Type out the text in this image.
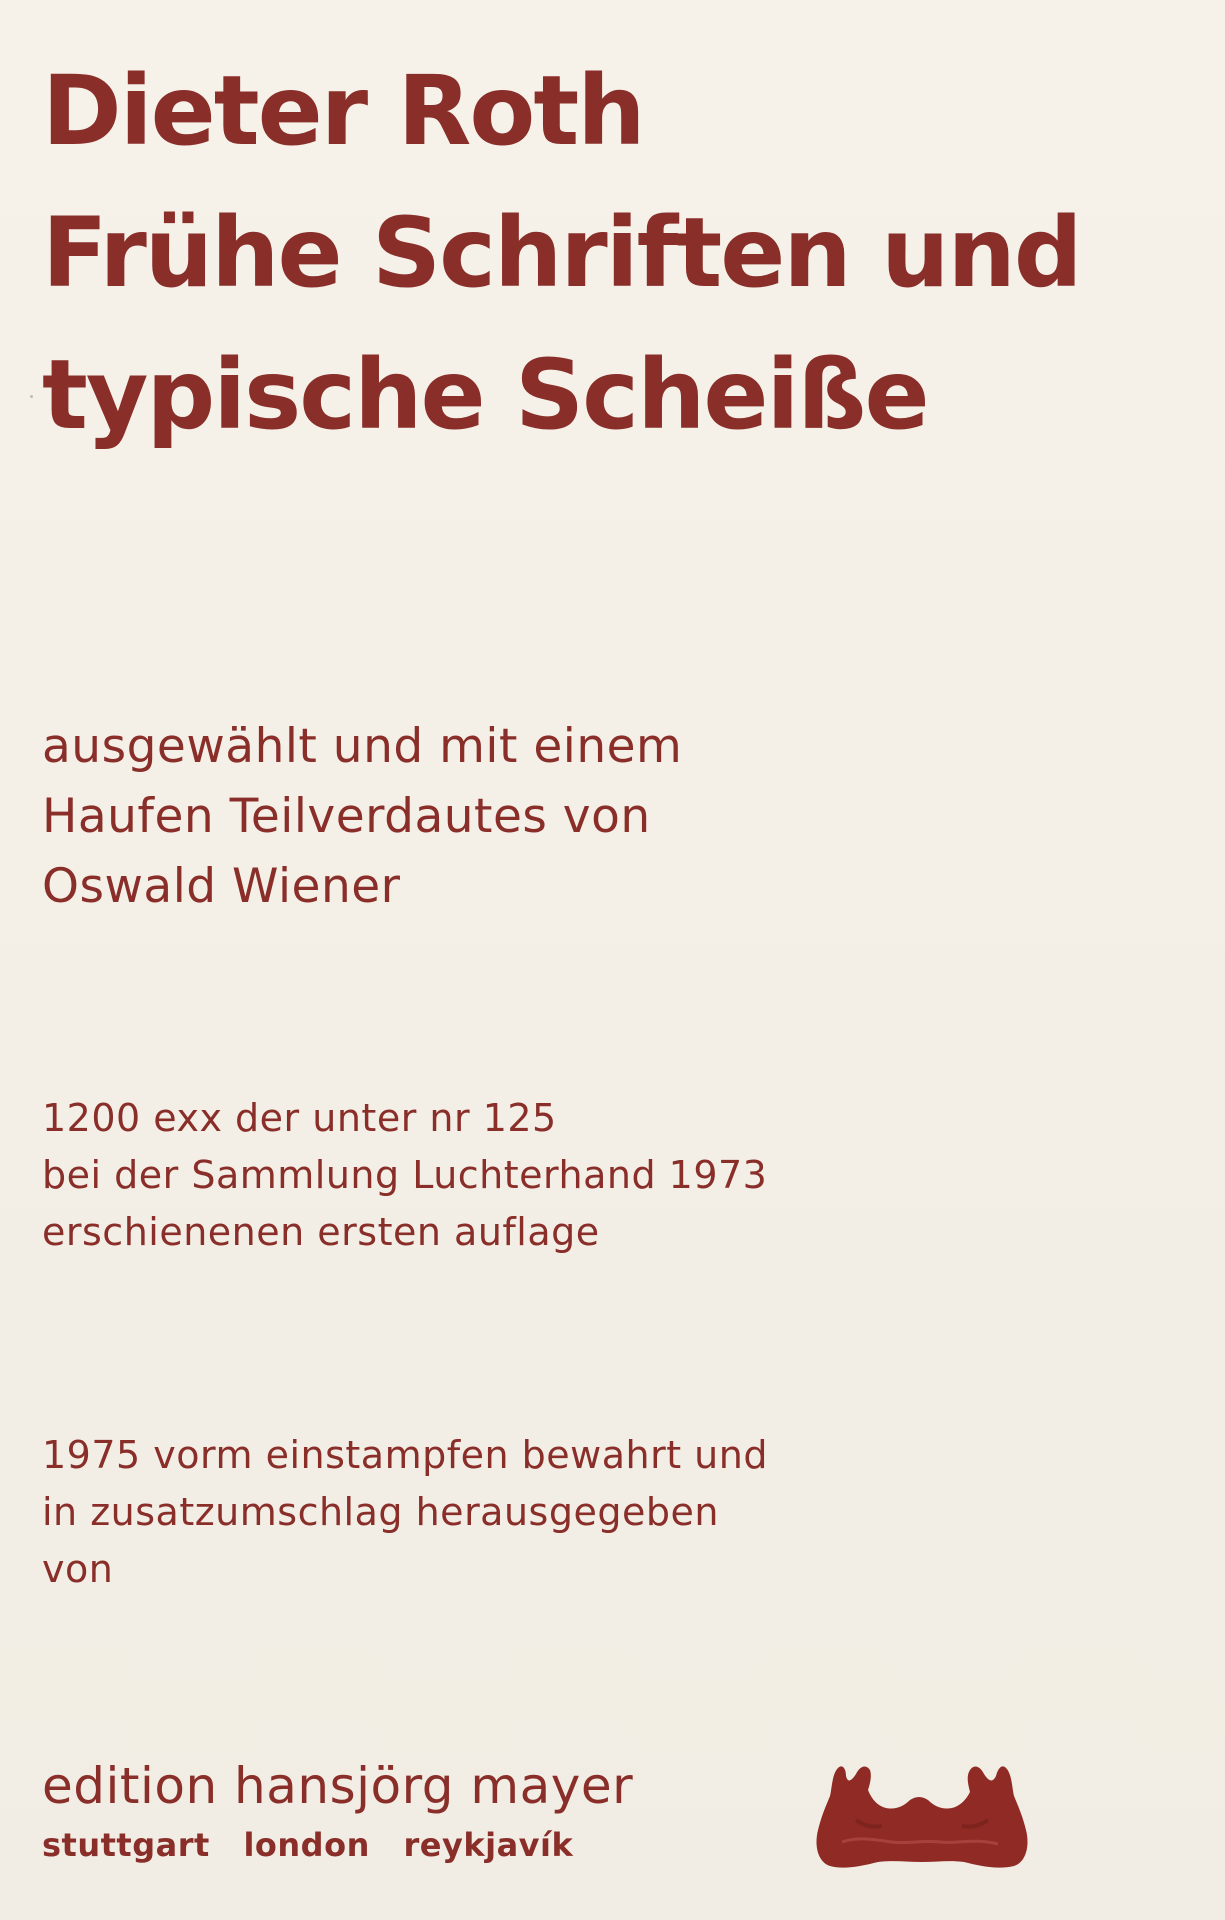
Dieter Roth
Frühe Schriften und
typische Scheiße
ausgewählt und mit einem
Haufen Teilverdautes von
Oswald Wiener
1200 exx der unter nr 125
bei der Sammlung Luchterhand 1973
erschienenen ersten auflage
1975 vorm einstampfen bewahrt und
in zusatzumschlag herausgegeben
von
edition hansjörg mayer
stuttgart london reykjavík
